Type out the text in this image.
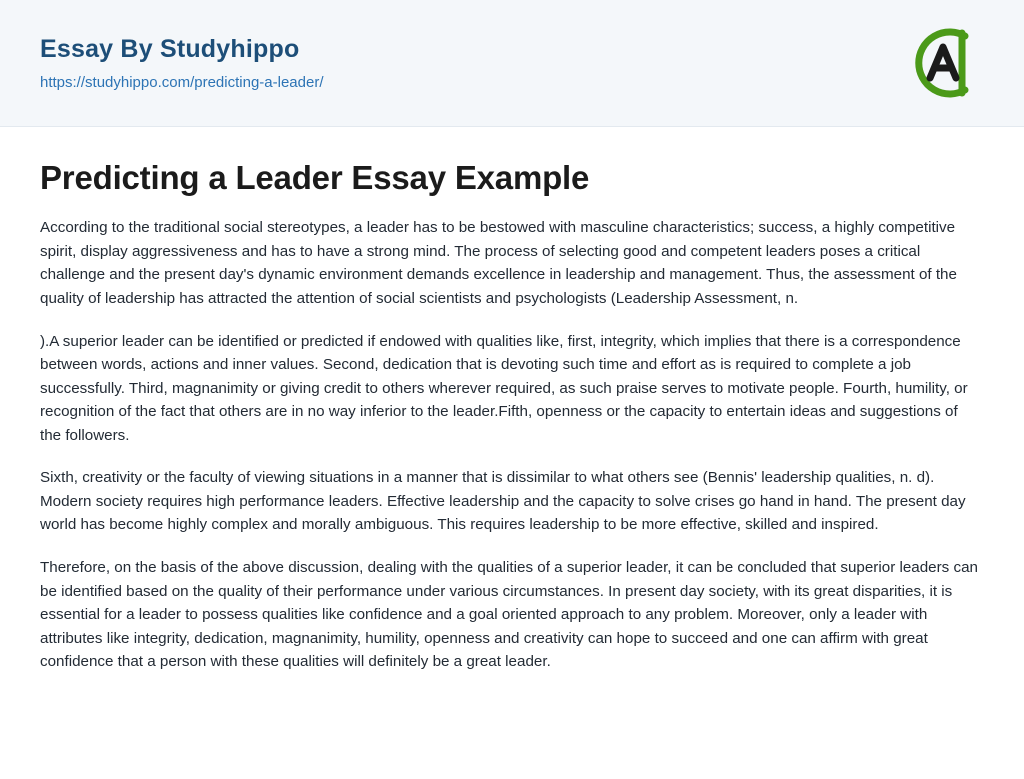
Essay By Studyhippo
https://studyhippo.com/predicting-a-leader/
Predicting a Leader Essay Example

According to the traditional social stereotypes, a leader has to be bestowed with masculine characteristics; success, a highly competitive spirit, display aggressiveness and has to have a strong mind. The process of selecting good and competent leaders poses a critical challenge and the present day's dynamic environment demands excellence in leadership and management. Thus, the assessment of the quality of leadership has attracted the attention of social scientists and psychologists (Leadership Assessment, n.

).A superior leader can be identified or predicted if endowed with qualities like, first, integrity, which implies that there is a correspondence between words, actions and inner values. Second, dedication that is devoting such time and effort as is required to complete a job successfully. Third, magnanimity or giving credit to others wherever required, as such praise serves to motivate people. Fourth, humility, or recognition of the fact that others are in no way inferior to the leader.Fifth, openness or the capacity to entertain ideas and suggestions of the followers.

Sixth, creativity or the faculty of viewing situations in a manner that is dissimilar to what others see (Bennis' leadership qualities, n. d). Modern society requires high performance leaders. Effective leadership and the capacity to solve crises go hand in hand. The present day world has become highly complex and morally ambiguous. This requires leadership to be more effective, skilled and inspired.

Therefore, on the basis of the above discussion, dealing with the qualities of a superior leader, it can be concluded that superior leaders can be identified based on the quality of their performance under various circumstances. In present day society, with its great disparities, it is essential for a leader to possess qualities like confidence and a goal oriented approach to any problem. Moreover, only a leader with attributes like integrity, dedication, magnanimity, humility, openness and creativity can hope to succeed and one can affirm with great confidence that a person with these qualities will definitely be a great leader.
